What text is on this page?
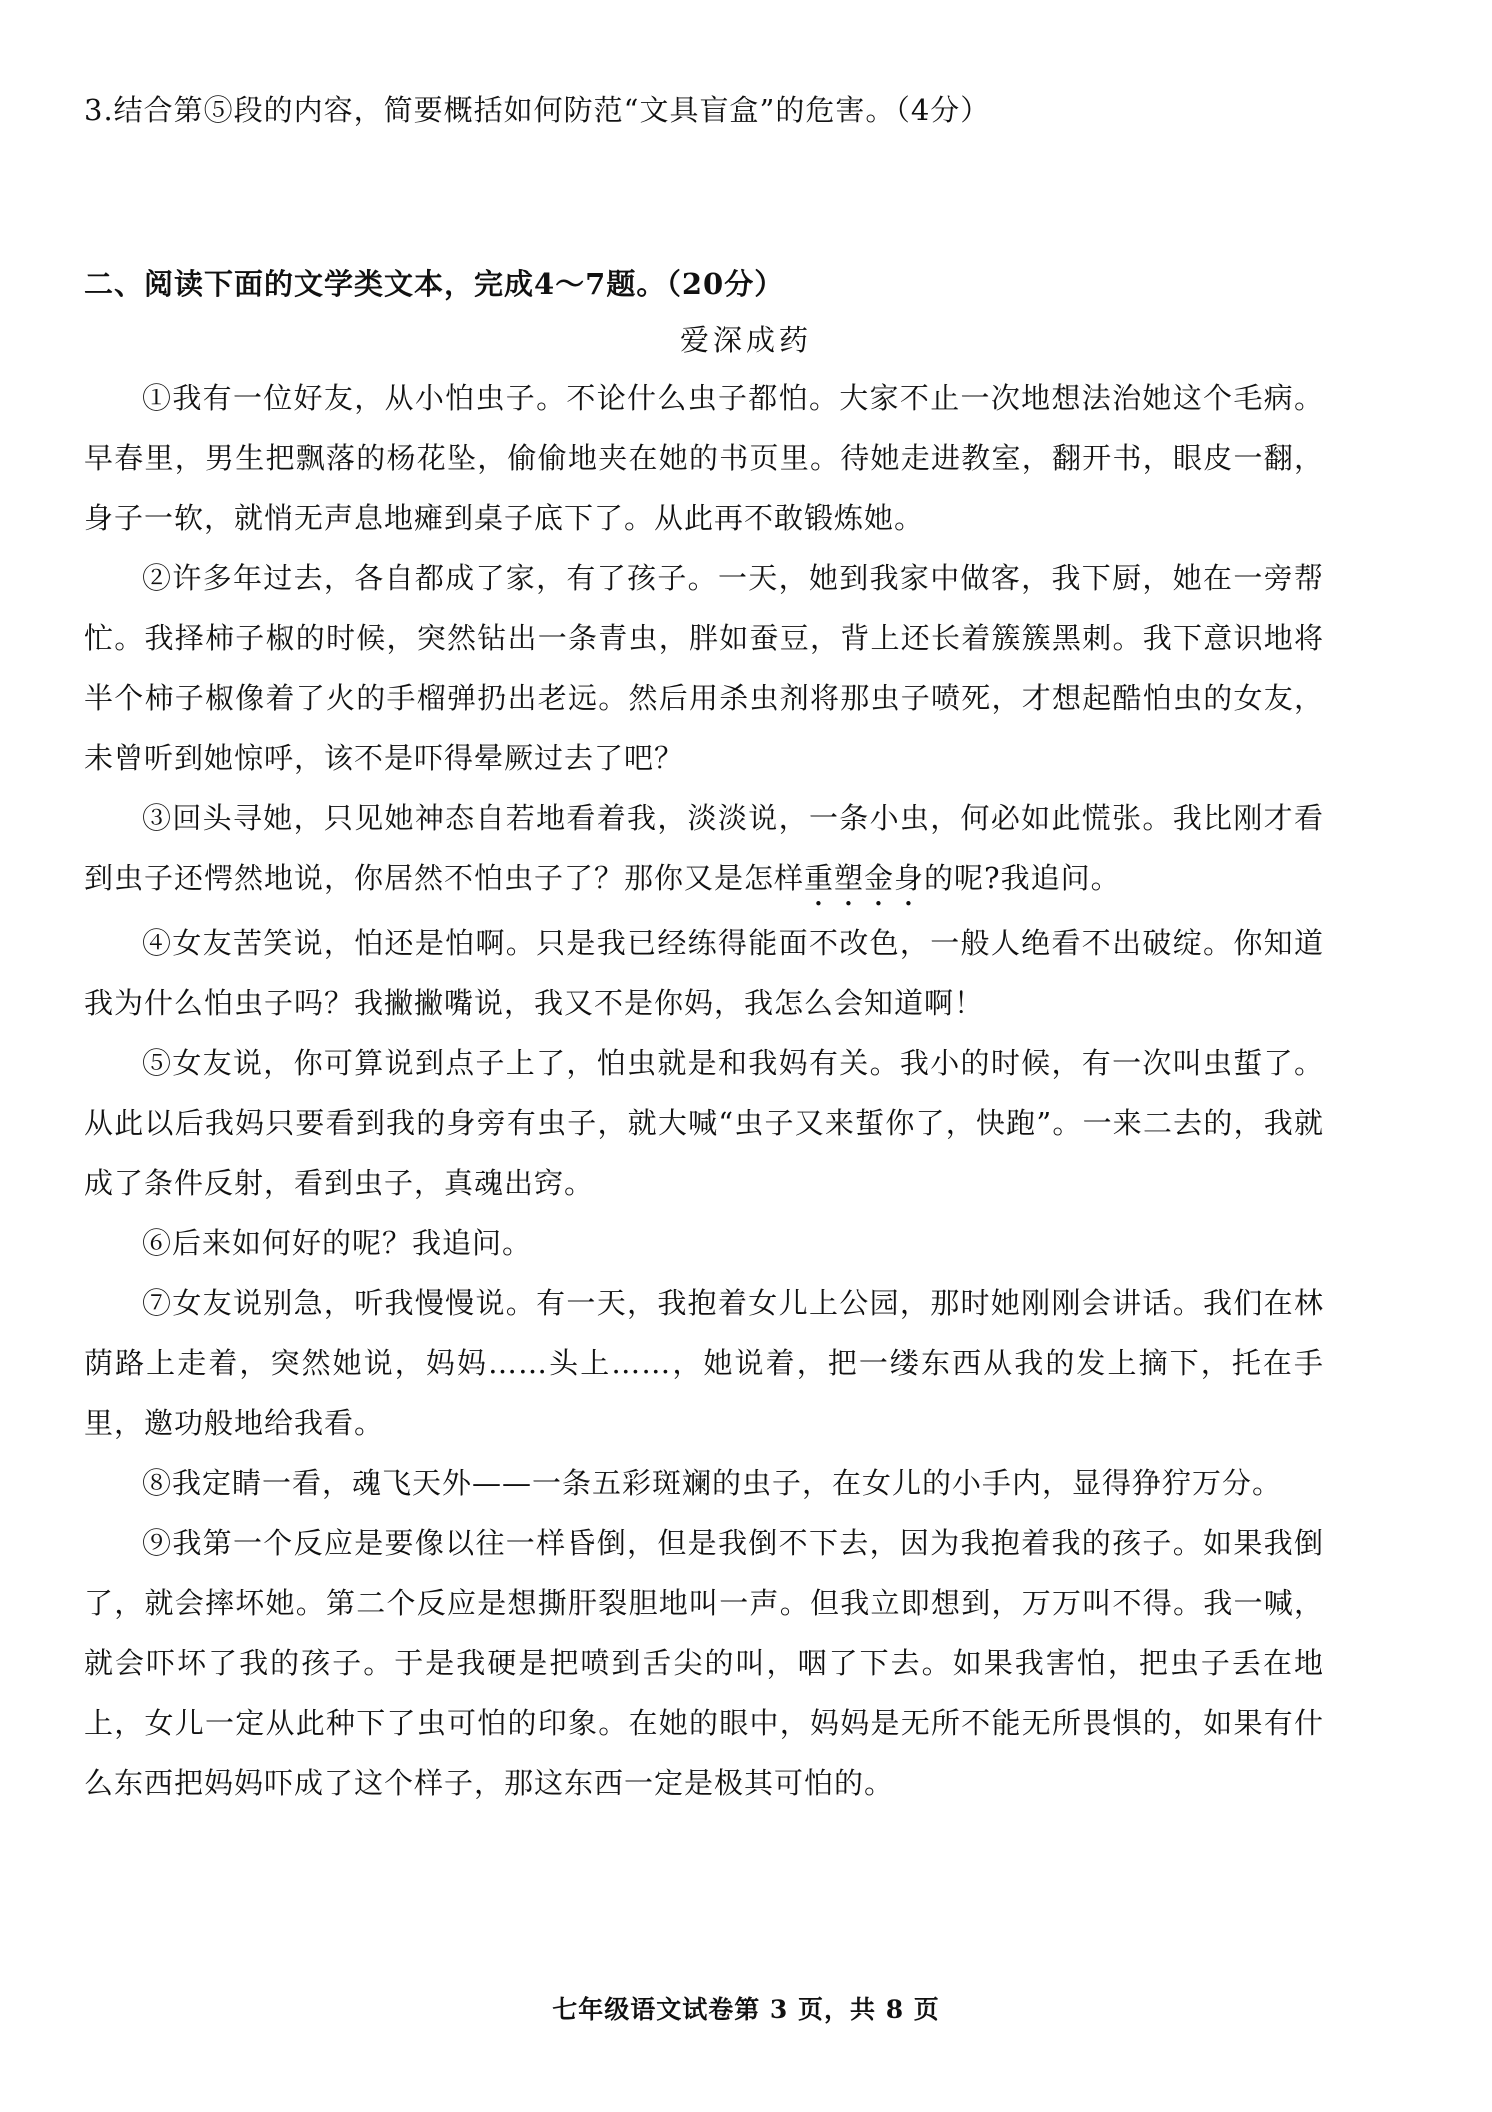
3.结合第⑤段的内容，简要概括如何防范“文具盲盒”的危害。（4分）
二、阅读下面的文学类文本，完成4～7题。（20分）
爱深成药

①我有一位好友，从小怕虫子。不论什么虫子都怕。大家不止一次地想法治她这个毛病。早春里，男生把飘落的杨花坠，偷偷地夹在她的书页里。待她走进教室，翻开书，眼皮一翻，身子一软，就悄无声息地瘫到桌子底下了。从此再不敢锻炼她。

②许多年过去，各自都成了家，有了孩子。一天，她到我家中做客，我下厨，她在一旁帮忙。我择柿子椒的时候，突然钻出一条青虫，胖如蚕豆，背上还长着簇簇黑刺。我下意识地将半个柿子椒像着了火的手榴弹扔出老远。然后用杀虫剂将那虫子喷死，才想起酷怕虫的女友，未曾听到她惊呼，该不是吓得晕厥过去了吧？

③回头寻她，只见她神态自若地看着我，淡淡说，一条小虫，何必如此慌张。我比刚才看到虫子还愕然地说，你居然不怕虫子了？那你又是怎样重塑金身的呢?我追问。

④女友苦笑说，怕还是怕啊。只是我已经练得能面不改色，一般人绝看不出破绽。你知道我为什么怕虫子吗？我撇撇嘴说，我又不是你妈，我怎么会知道啊！

⑤女友说，你可算说到点子上了，怕虫就是和我妈有关。我小的时候，有一次叫虫蜇了。从此以后我妈只要看到我的身旁有虫子，就大喊“虫子又来蜇你了，快跑”。一来二去的，我就成了条件反射，看到虫子，真魂出窍。

⑥后来如何好的呢？我追问。

⑦女友说别急，听我慢慢说。有一天，我抱着女儿上公园，那时她刚刚会讲话。我们在林荫路上走着，突然她说，妈妈……头上……，她说着，把一缕东西从我的发上摘下，托在手里，邀功般地给我看。

⑧我定睛一看，魂飞天外——一条五彩斑斓的虫子，在女儿的小手内，显得狰狞万分。

⑨我第一个反应是要像以往一样昏倒，但是我倒不下去，因为我抱着我的孩子。如果我倒了，就会摔坏她。第二个反应是想撕肝裂胆地叫一声。但我立即想到，万万叫不得。我一喊，就会吓坏了我的孩子。于是我硬是把喷到舌尖的叫，咽了下去。如果我害怕，把虫子丢在地上，女儿一定从此种下了虫可怕的印象。在她的眼中，妈妈是无所不能无所畏惧的，如果有什么东西把妈妈吓成了这个样子，那这东西一定是极其可怕的。

七年级语文试卷第 3 页，共 8 页
